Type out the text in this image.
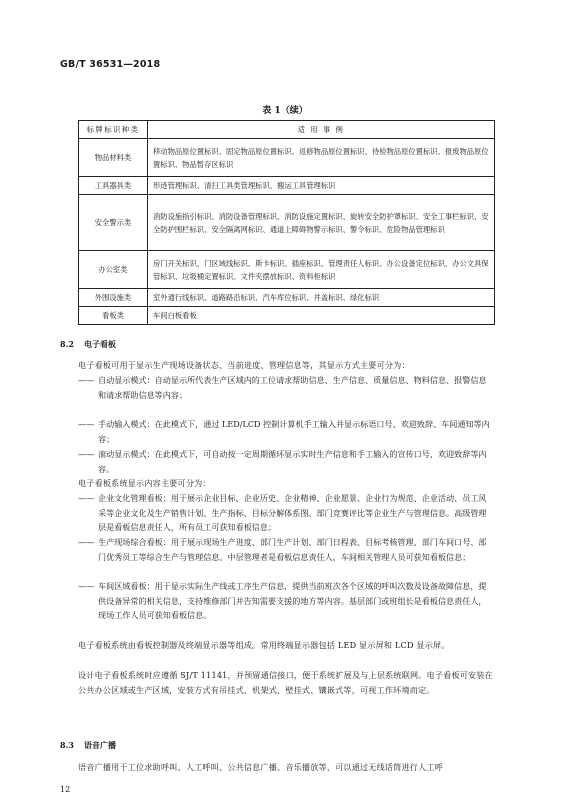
GB/T 36531—2018
表 1（续）
标牌标识种类	适 用 事 例
物品材料类	移动物品原位置标识、固定物品原位置标识、返修物品原位置标识、待检物品原位置标识、报废物品原位置标识、物品暂存区标识
工具器具类	形迹管理标识、清扫工具类管理标识、搬运工具管理标识
安全警示类	消防设施指引标识、消防设备管理标识、消防设施定置标识、旋转安全防护罩标识、安全工事栏标识、安全防护围栏标识、安全隔离网标识、通道上障碍物警示标识、警令标识、危险物品管理标识
办公室类	房门开关标识、门区域线标识、斯卡标识、插座标识、管理责任人标识、办公设备定位标识、办公文具保管标识、垃圾桶定置标识、文件夹摆放标识、资料柜标识
外围设施类	室外通行线标识、道路路沿标识、汽车库位标识、井盖标识、绿化标识
看板类	车间白板看板
8.2 电子看板
电子看板可用于显示生产现场设备状态、当前进度、管理信息等，其显示方式主要可分为：
—— 自动显示模式：自动显示所代表生产区域内的工位请求帮助信息、生产信息、质量信息、物料信息、报警信息和请求帮助信息等内容；
—— 手动输入模式：在此模式下，通过 LED/LCD 控制计算机手工输入并显示标语口号、欢迎致辞、车间通知等内容；
—— 滚动显示模式：在此模式下，可自动按一定周期循环显示实时生产信息和手工输入的宣传口号，欢迎致辞等内容。
电子看板系统显示内容主要可分为：
—— 企业文化管理看板：用于展示企业目标、企业历史、企业精神、企业愿景、企业行为规范、企业活动、员工风采等企业文化及生产销售计划、生产指标、目标分解体系图、部门竞赛评比等企业生产与管理信息。高级管理层是看板信息责任人，所有员工可获知看板信息；
—— 生产现场综合看板：用于展示现场生产进度、部门生产计划、部门日程表、目标考核管理、部门车间口号、部门优秀员工等综合生产与管理信息。中层管理者是看板信息责任人，车间相关管理人员可获知看板信息；
—— 车间区域看板：用于显示实际生产线或工序生产信息，提供当前班次各个区域的呼叫次数及设备故障信息，提供设备异常的相关信息，支持维修部门并告知需要支援的地方等内容。基层部门或班组长是看板信息责任人，现场工作人员可获知看板信息。
电子看板系统由看板控制器及终端显示器等组成。常用终端显示器包括 LED 显示屏和 LCD 显示屏。
设计电子看板系统时应遵循 SJ/T 11141，并预留通信接口，便于系统扩展及与上层系统联网。电子看板可安装在公共办公区域或生产区域，安装方式有吊挂式、机架式、壁挂式、镶嵌式等，可视工作环境而定。
8.3 语音广播
语音广播用于工位求助呼叫、人工呼叫、公共信息广播、音乐播放等，可以通过无线话筒进行人工呼
12
